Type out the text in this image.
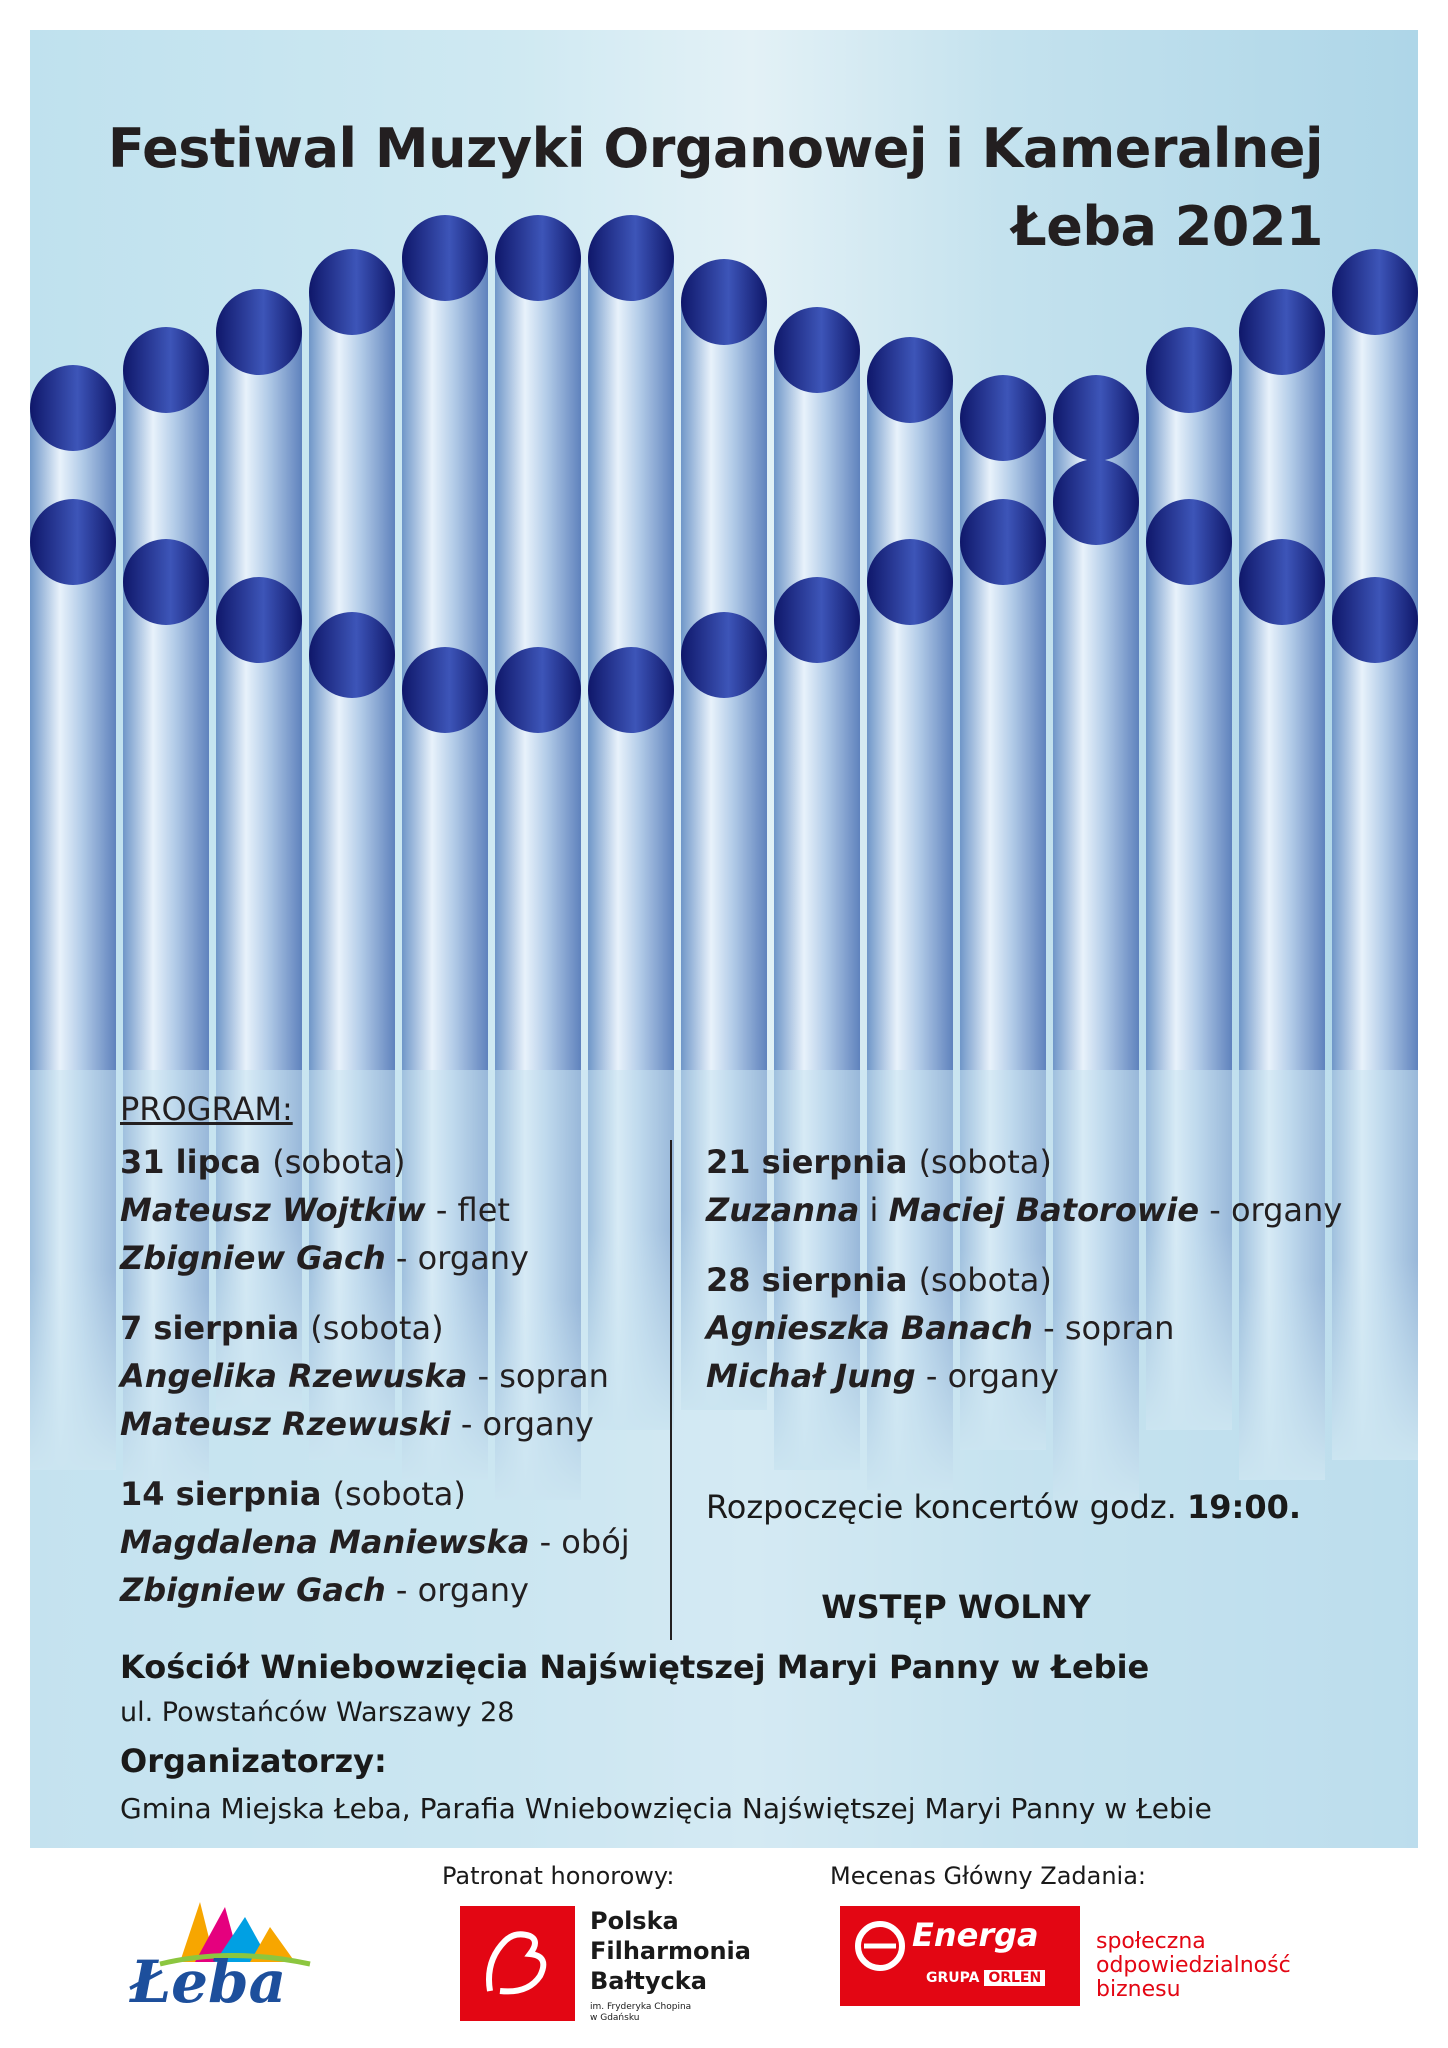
Festiwal Muzyki Organowej i Kameralnej
Łeba 2021
PROGRAM:
31 lipca (sobota)
Mateusz Wojtkiw - flet
Zbigniew Gach - organy
7 sierpnia (sobota)
Angelika Rzewuska - sopran
Mateusz Rzewuski - organy
14 sierpnia (sobota)
Magdalena Maniewska - obój
Zbigniew Gach - organy
21 sierpnia (sobota)
Zuzanna i Maciej Batorowie - organy
28 sierpnia (sobota)
Agnieszka Banach - sopran
Michał Jung - organy
Rozpoczęcie koncertów godz. 19:00.
WSTĘP WOLNY
Kościół Wniebowzięcia Najświętszej Maryi Panny w Łebie
ul. Powstańców Warszawy 28
Organizatorzy:
Gmina Miejska Łeba, Parafia Wniebowzięcia Najświętszej Maryi Panny w Łebie
Patronat honorowy:	Mecenas Główny Zadania:
Łeba
Polska
Filharmonia
Bałtycka
im. Fryderyka Chopina
w Gdańsku
Energa
GRUPA ORLEN
społeczna
odpowiedzialność
biznesu
